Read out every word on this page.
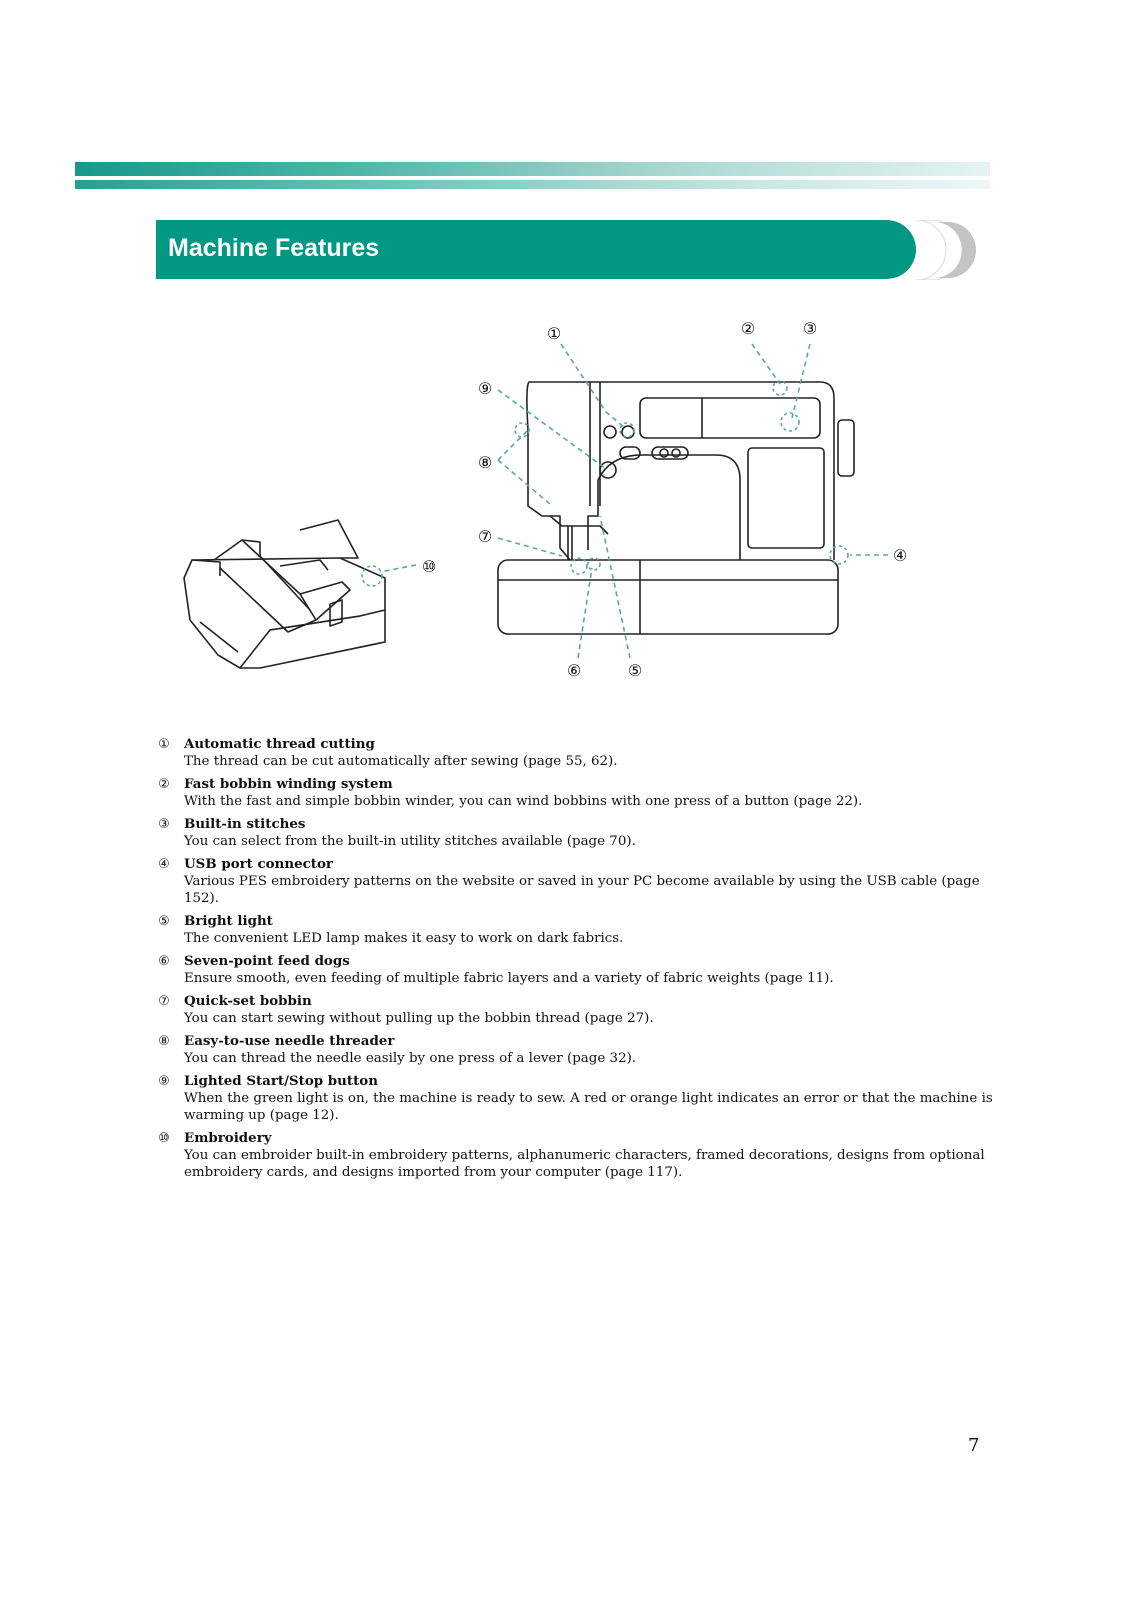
Machine Features
①	②	③
④
⑤
⑥
⑦
⑧
⑨
⑩
① Automatic thread cutting
The thread can be cut automatically after sewing (page 55, 62).
② Fast bobbin winding system
With the fast and simple bobbin winder, you can wind bobbins with one press of a button (page 22).
③ Built-in stitches
You can select from the built-in utility stitches available (page 70).
④ USB port connector
Various PES embroidery patterns on the website or saved in your PC become available by using the USB cable (page 152).
⑤ Bright light
The convenient LED lamp makes it easy to work on dark fabrics.
⑥ Seven-point feed dogs
Ensure smooth, even feeding of multiple fabric layers and a variety of fabric weights (page 11).
⑦ Quick-set bobbin
You can start sewing without pulling up the bobbin thread (page 27).
⑧ Easy-to-use needle threader
You can thread the needle easily by one press of a lever (page 32).
⑨ Lighted Start/Stop button
When the green light is on, the machine is ready to sew. A red or orange light indicates an error or that the machine is warming up (page 12).
⑩ Embroidery
You can embroider built-in embroidery patterns, alphanumeric characters, framed decorations, designs from optional embroidery cards, and designs imported from your computer (page 117).
7
